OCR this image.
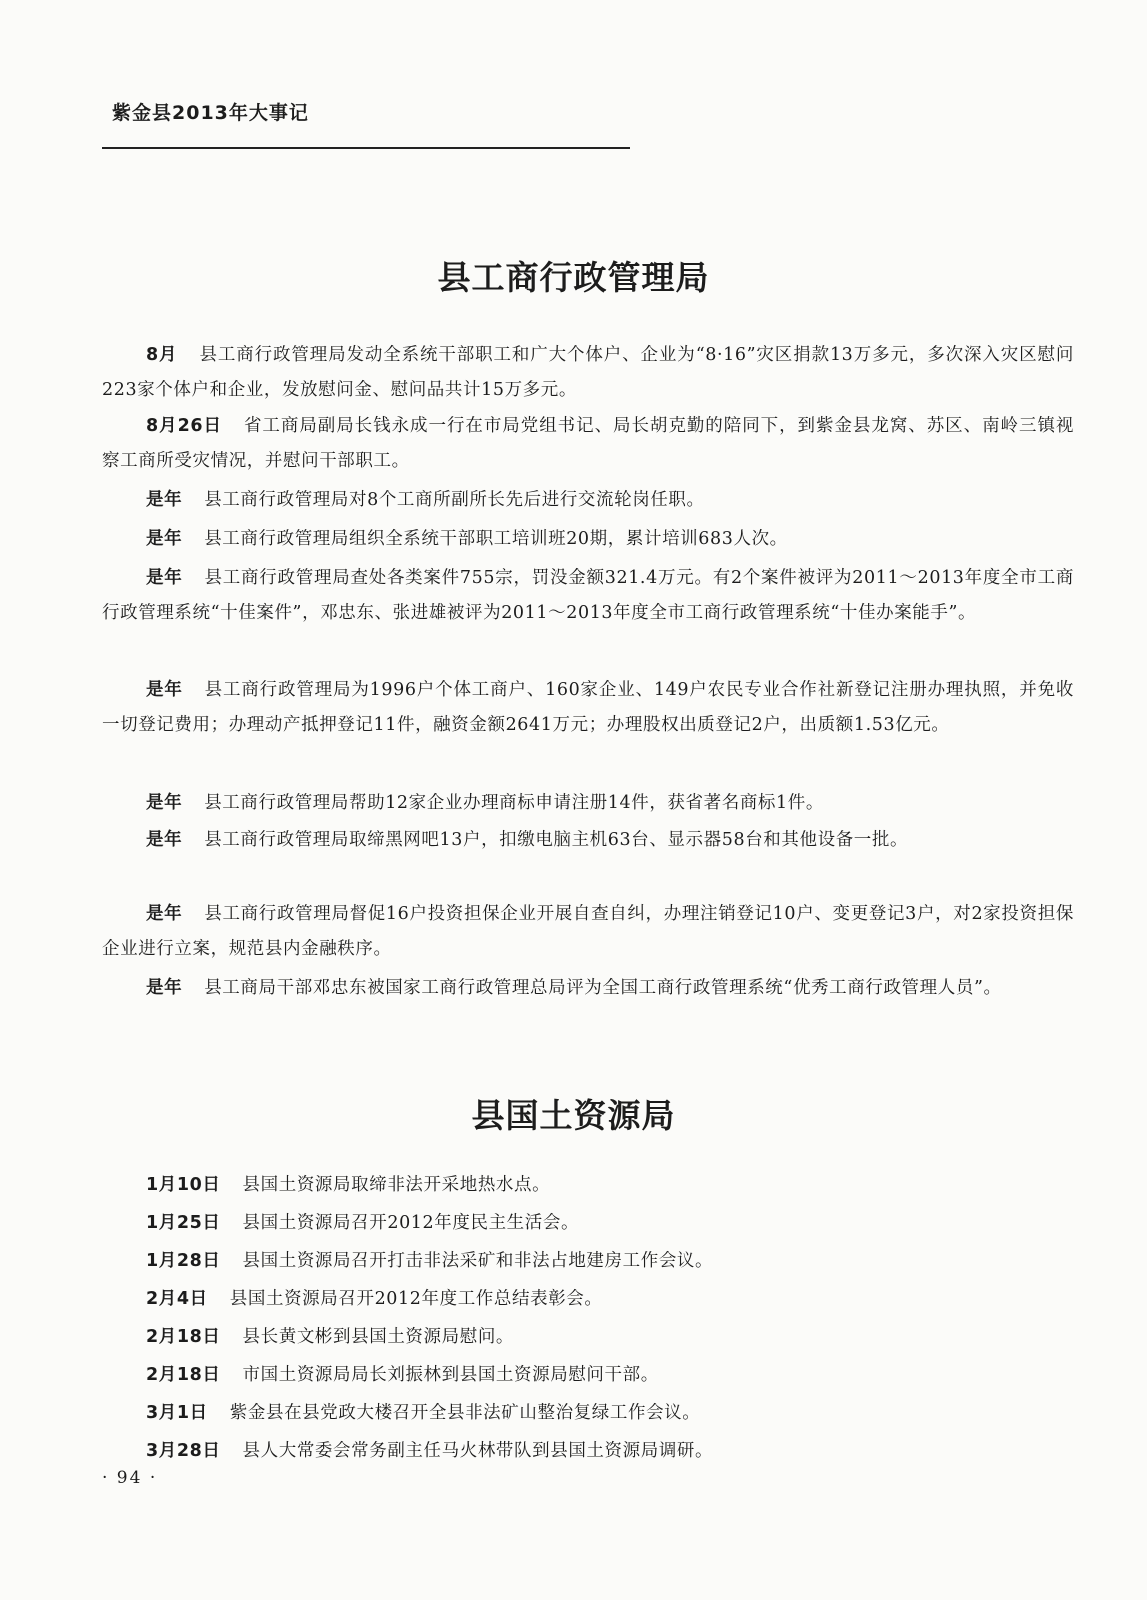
紫金县2013年大事记
县工商行政管理局

8月 县工商行政管理局发动全系统干部职工和广大个体户、企业为“8·16”灾区捐款13万多元，多次深入灾区慰问223家个体户和企业，发放慰问金、慰问品共计15万多元。

8月26日 省工商局副局长钱永成一行在市局党组书记、局长胡克勤的陪同下，到紫金县龙窝、苏区、南岭三镇视察工商所受灾情况，并慰问干部职工。

是年 县工商行政管理局对8个工商所副所长先后进行交流轮岗任职。

是年 县工商行政管理局组织全系统干部职工培训班20期，累计培训683人次。

是年 县工商行政管理局查处各类案件755宗，罚没金额321.4万元。有2个案件被评为2011～2013年度全市工商行政管理系统“十佳案件”，邓忠东、张进雄被评为2011～2013年度全市工商行政管理系统“十佳办案能手”。

是年 县工商行政管理局为1996户个体工商户、160家企业、149户农民专业合作社新登记注册办理执照，并免收一切登记费用；办理动产抵押登记11件，融资金额2641万元；办理股权出质登记2户，出质额1.53亿元。

是年 县工商行政管理局帮助12家企业办理商标申请注册14件，获省著名商标1件。

是年 县工商行政管理局取缔黑网吧13户，扣缴电脑主机63台、显示器58台和其他设备一批。

是年 县工商行政管理局督促16户投资担保企业开展自查自纠，办理注销登记10户、变更登记3户，对2家投资担保企业进行立案，规范县内金融秩序。

是年 县工商局干部邓忠东被国家工商行政管理总局评为全国工商行政管理系统“优秀工商行政管理人员”。

县国土资源局

1月10日 县国土资源局取缔非法开采地热水点。

1月25日 县国土资源局召开2012年度民主生活会。

1月28日 县国土资源局召开打击非法采矿和非法占地建房工作会议。

2月4日 县国土资源局召开2012年度工作总结表彰会。

2月18日 县长黄文彬到县国土资源局慰问。

2月18日 市国土资源局局长刘振林到县国土资源局慰问干部。

3月1日 紫金县在县党政大楼召开全县非法矿山整治复绿工作会议。

3月28日 县人大常委会常务副主任马火林带队到县国土资源局调研。

· 94 ·
